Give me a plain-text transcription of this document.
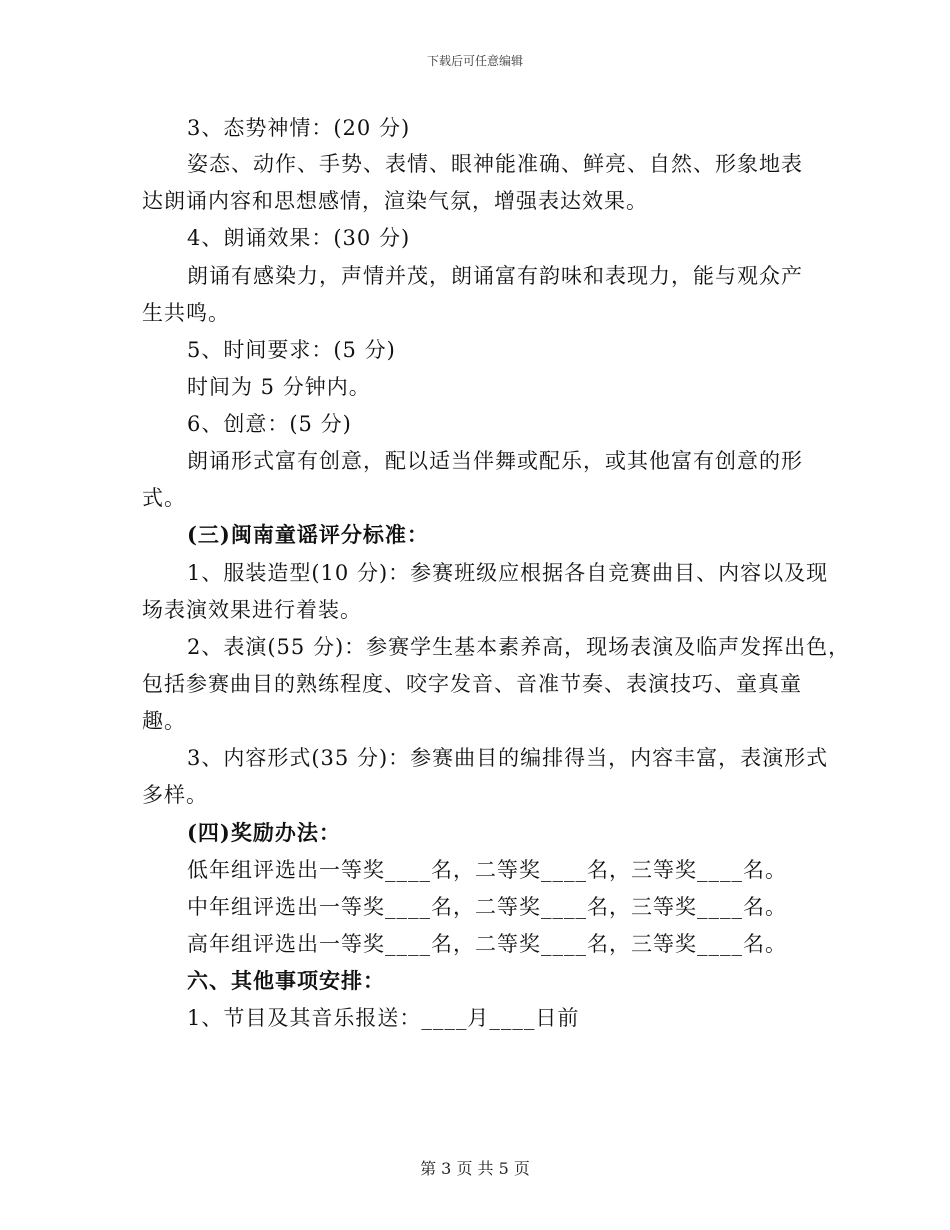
下载后可任意编辑
3、态势神情：(20 分)
姿态、动作、手势、表情、眼神能准确、鲜亮、自然、形象地表
达朗诵内容和思想感情，渲染气氛，增强表达效果。
4、朗诵效果：(30 分)
朗诵有感染力，声情并茂，朗诵富有韵味和表现力，能与观众产
生共鸣。
5、时间要求：(5 分)
时间为 5 分钟内。
6、创意：(5 分)
朗诵形式富有创意，配以适当伴舞或配乐，或其他富有创意的形
式。
(三)闽南童谣评分标准：
1、服装造型(10 分)：参赛班级应根据各自竞赛曲目、内容以及现
场表演效果进行着装。
2、表演(55 分)：参赛学生基本素养高，现场表演及临声发挥出色，
包括参赛曲目的熟练程度、咬字发音、音准节奏、表演技巧、童真童
趣。
3、内容形式(35 分)：参赛曲目的编排得当，内容丰富，表演形式
多样。
(四)奖励办法：
低年组评选出一等奖____名，二等奖____名，三等奖____名。
中年组评选出一等奖____名，二等奖____名，三等奖____名。
高年组评选出一等奖____名，二等奖____名，三等奖____名。
六、其他事项安排：
1、节目及其音乐报送：____月____日前
第 3 页 共 5 页
